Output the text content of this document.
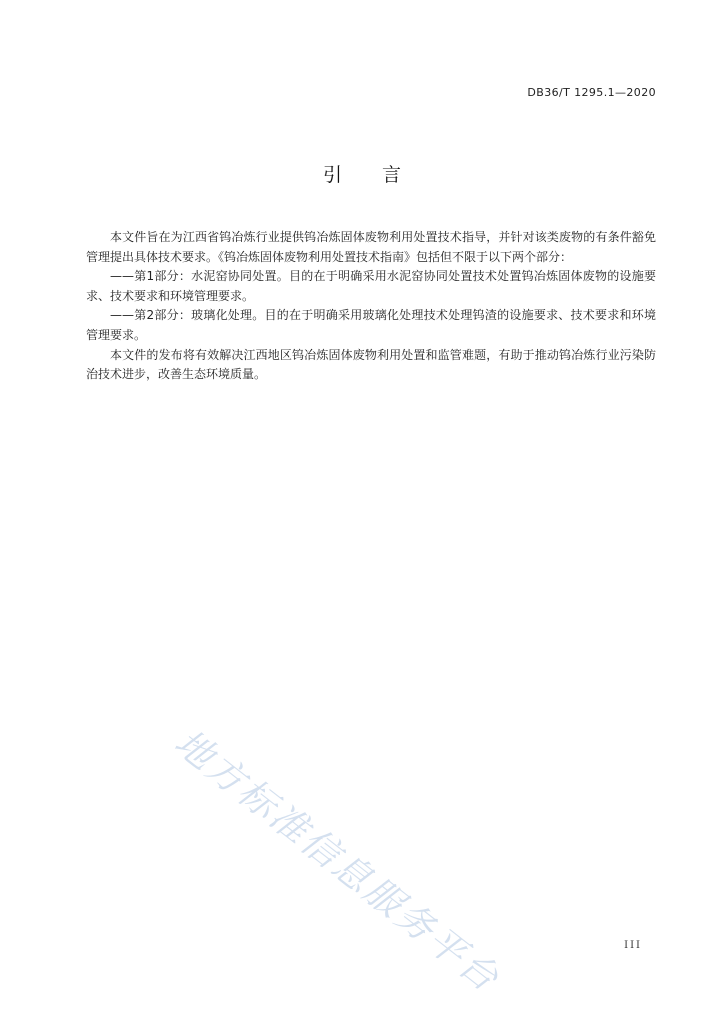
DB36/T 1295.1—2020
引言

本文件旨在为江西省钨冶炼行业提供钨冶炼固体废物利用处置技术指导，并针对该类废物的有条件豁免管理提出具体技术要求。《钨冶炼固体废物利用处置技术指南》包括但不限于以下两个部分：

——第1部分：水泥窑协同处置。目的在于明确采用水泥窑协同处置技术处置钨冶炼固体废物的设施要求、技术要求和环境管理要求。

——第2部分：玻璃化处理。目的在于明确采用玻璃化处理技术处理钨渣的设施要求、技术要求和环境管理要求。

本文件的发布将有效解决江西地区钨冶炼固体废物利用处置和监管难题，有助于推动钨冶炼行业污染防治技术进步，改善生态环境质量。

地方标准信息服务平台	III
